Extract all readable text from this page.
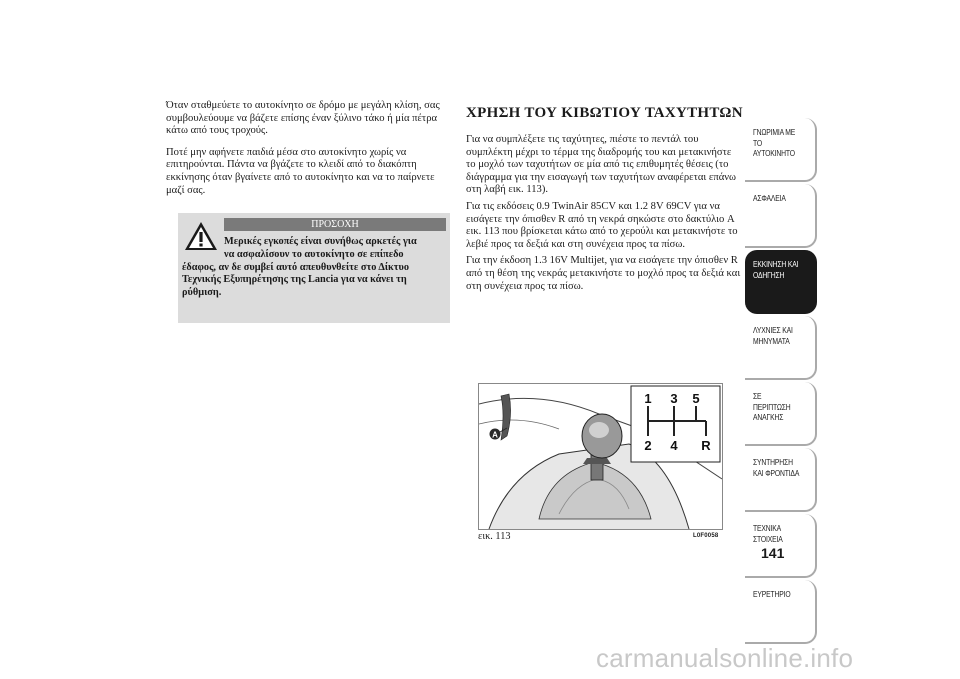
Όταν σταθμεύετε το αυτοκίνητο σε δρόμο με μεγάλη κλίση, σας συμβουλεύουμε να βάζετε επίσης έναν ξύλινο τάκο ή μία πέτρα κάτω από τους τροχούς.

Ποτέ μην αφήνετε παιδιά μέσα στο αυτοκίνητο χωρίς να επιτηρούνται. Πάντα να βγάζετε το κλειδί από το διακόπτη εκκίνησης όταν βγαίνετε από το αυτοκίνητο και να το παίρνετε μαζί σας.

ΠΡΟΣΟΧΗ

Μερικές εγκοπές είναι συνήθως αρκετές για
να ασφαλίσουν το αυτοκίνητο σε επίπεδο
έδαφος, αν δε συμβεί αυτό απευθυνθείτε στο Δίκτυο Τεχνικής Εξυπηρέτησης της Lancia για να κάνει τη ρύθμιση.

ΧΡΗΣΗ ΤΟΥ ΚΙΒΩΤΙΟΥ ΤΑΧΥΤΗΤΩΝ

Για να συμπλέξετε τις ταχύτητες, πιέστε το πεντάλ του συμπλέκτη μέχρι το τέρμα της διαδρομής του και μετακινήστε το μοχλό των ταχυτήτων σε μία από τις επιθυμητές θέσεις (το διάγραμμα για την εισαγωγή των ταχυτήτων αναφέρεται επάνω στη λαβή εικ. 113).

Για τις εκδόσεις 0.9 TwinAir 85CV και 1.2 8V 69CV για να εισάγετε την όπισθεν R από τη νεκρά σηκώστε στο δακτύλιο A εικ. 113 που βρίσκεται κάτω από το χερούλι και μετακινήστε το λεβιέ προς τα δεξιά και στη συνέχεια προς τα πίσω.

Για την έκδοση 1.3 16V Multijet, για να εισάγετε την όπισθεν R από τη θέση της νεκράς μετακινήστε το μοχλό προς τα δεξιά και στη συνέχεια προς τα πίσω.

1 3 5
2 4 R
A
εικ. 113	L0F0058
ΓΝΩΡΙΜΙΑ ΜΕ ΤΟ ΑΥΤΟΚΙΝΗΤΟ
ΑΣΦΑΛΕΙΑ
ΕΚΚΙΝΗΣΗ ΚΑΙ ΟΔΗΓΗΣΗ
ΛΥΧΝΙΕΣ ΚΑΙ ΜΗΝΥΜΑΤΑ
ΣΕ ΠΕΡΙΠΤΩΣΗ ΑΝΑΓΚΗΣ
ΣΥΝΤΗΡΗΣΗ ΚΑΙ ΦΡΟΝΤΙΔΑ
ΤΕΧΝΙΚΑ ΣΤΟΙΧΕΙΑ
ΕΥΡΕΤΗΡΙΟ
141
carmanualsonline.info
